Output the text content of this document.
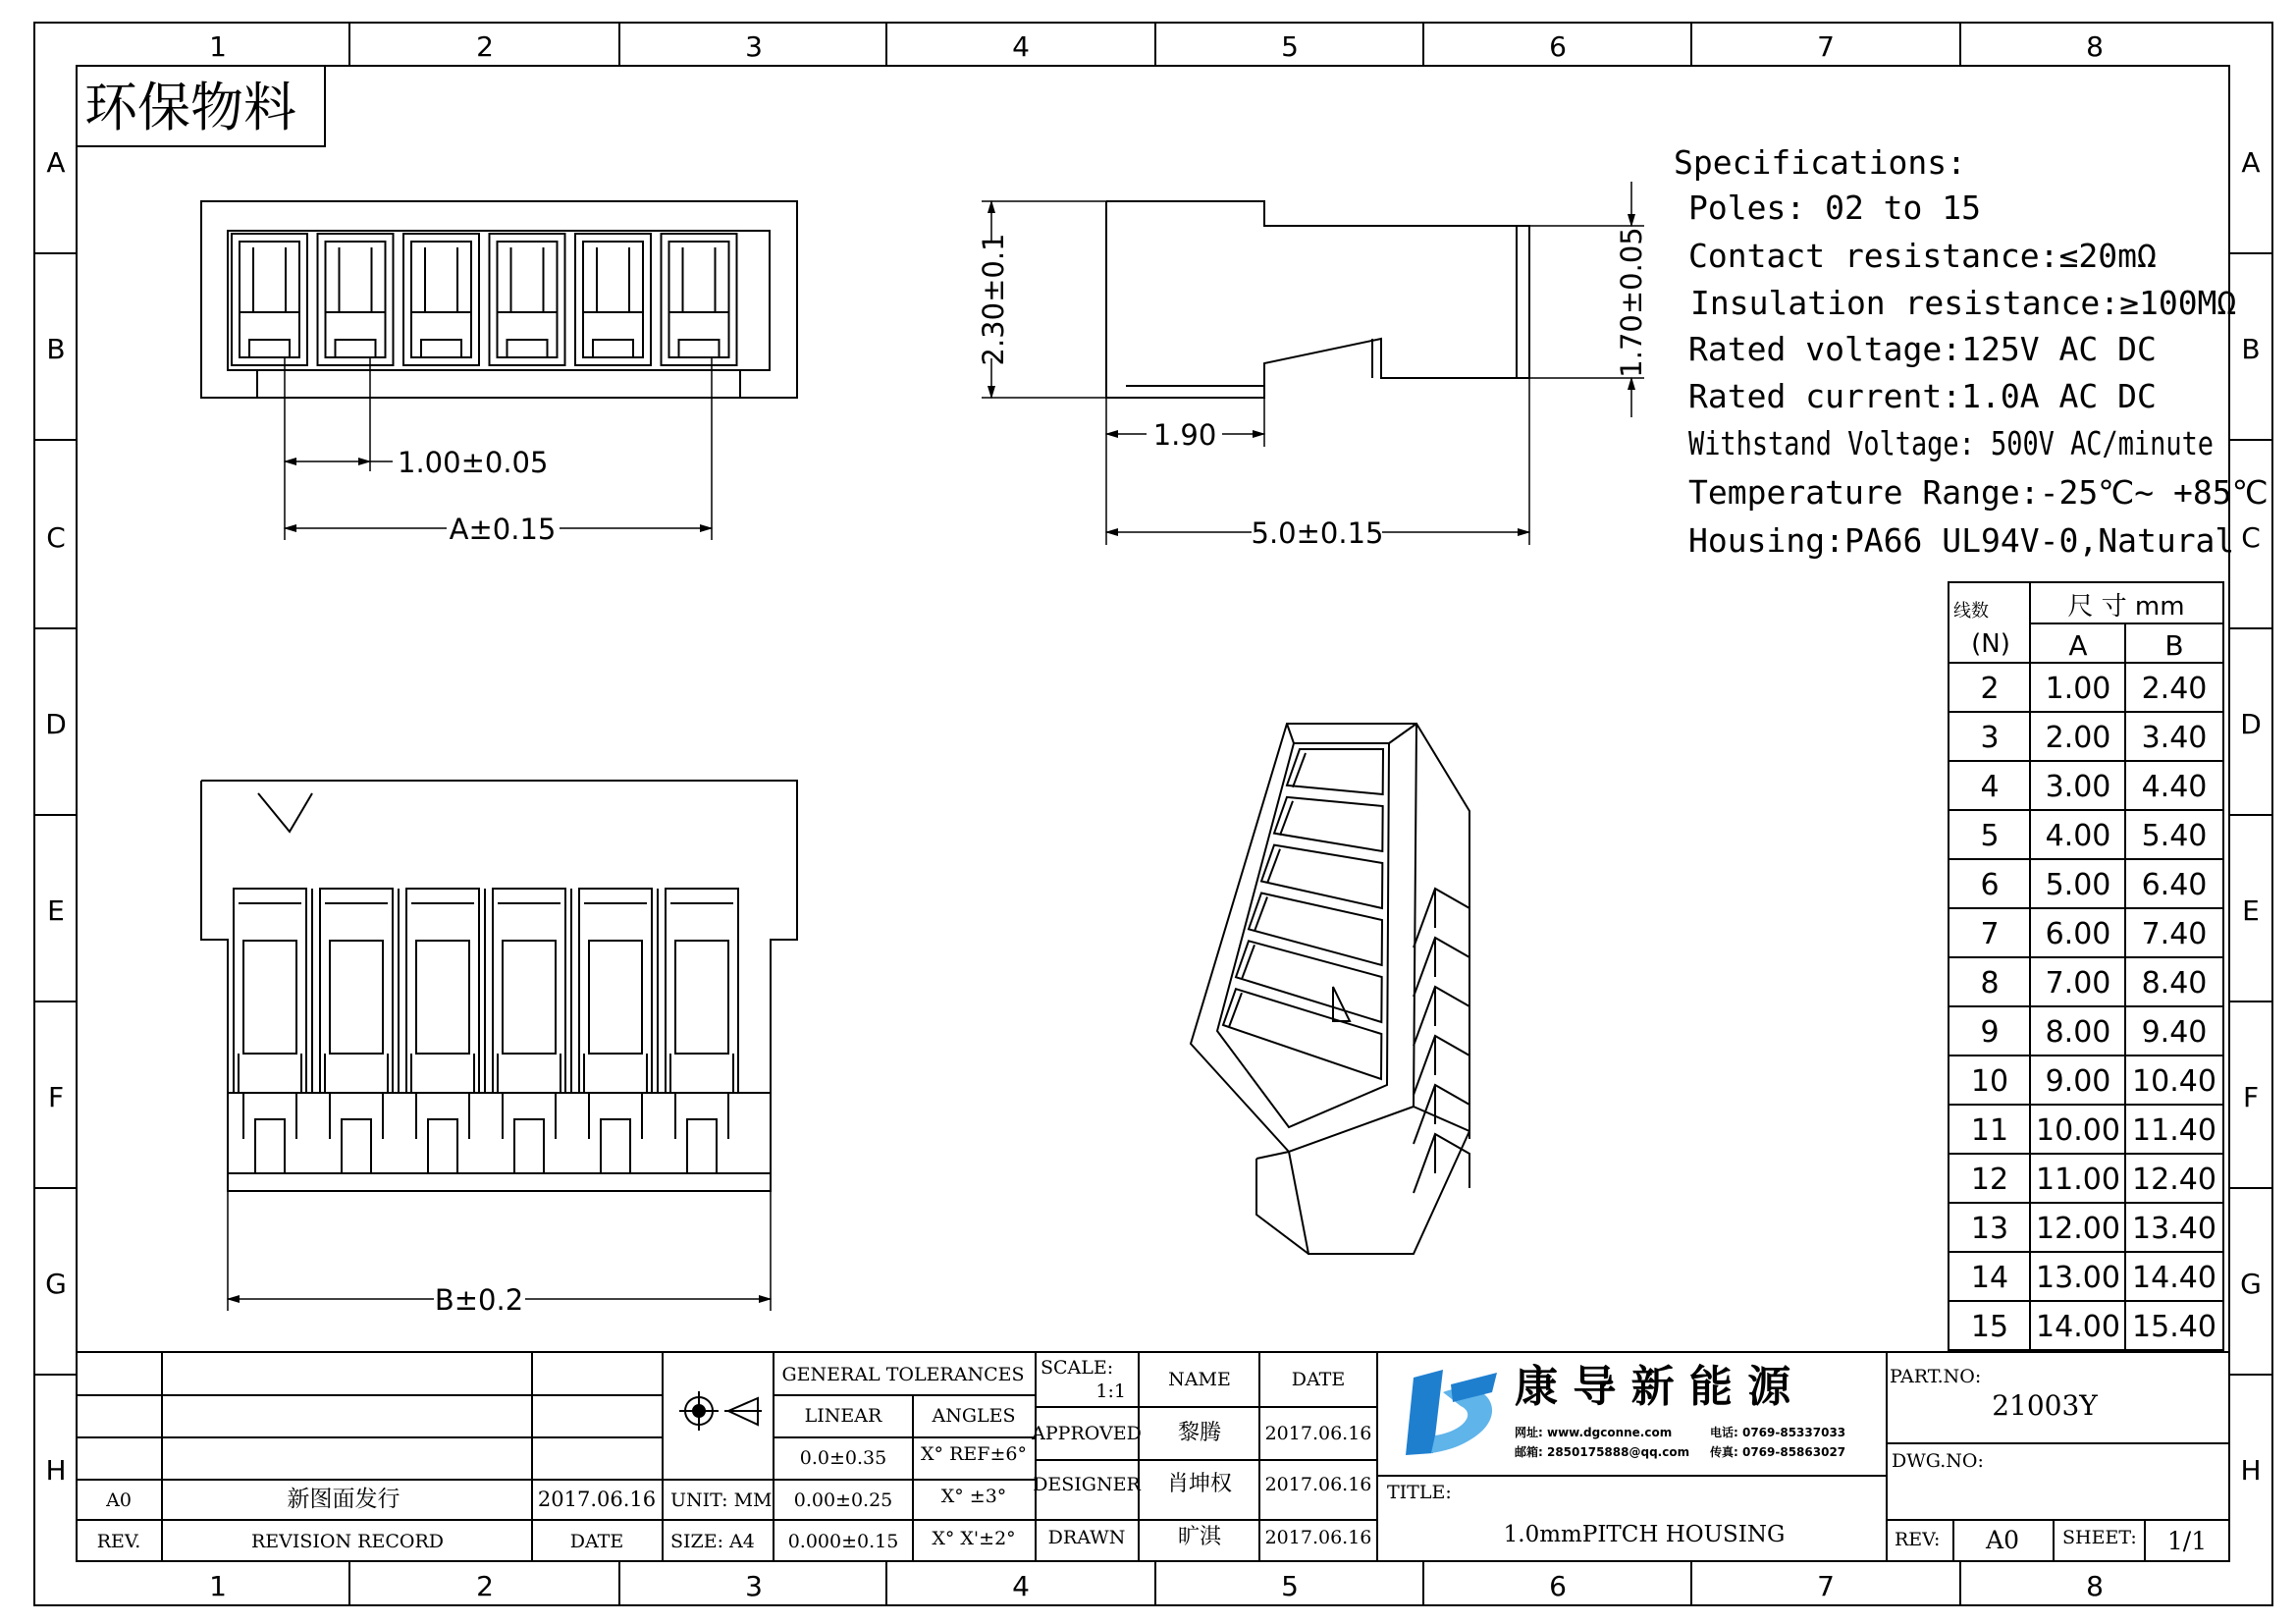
1	2	3	4	5	6	7	8
1	2	3	4	5	6	7	8
A
B
C
D
E
F
G
H
A
B
C
D
E
F
G
H
环保物料
1.00±0.05
A±0.15
2.30±0.1	1.70±0.05
1.90
5.0±0.15
Specifications:
Poles: 02 to 15
Contact resistance:≤20mΩ
Insulation resistance:≥100MΩ
Rated voltage:125V AC DC
Rated current:1.0A AC DC
Withstand Voltage: 500V AC/minute
Temperature Range:-25℃~ +85℃
Housing:PA66 UL94V-0,Natural
线数
(N)
尺 寸 mm
A	B
2 1.00 2.40
3 2.00 3.40
4 3.00 4.40
5 4.00 5.40
6 5.00 6.40
7 6.00 7.40
8 7.00 8.40
9 8.00 9.40
10 9.00 10.40
11 10.00 11.40
12 11.00 12.40
13 12.00 13.40
14 13.00 14.40
15 14.00 15.40
B±0.2
A0	新图面发行	2017.06.16
REV.	REVISION RECORD	DATE
UNIT: MM
SIZE: A4
GENERAL TOLERANCES
LINEAR	ANGLES
0.0±0.35 X° REF±6°
0.00±0.25	X° ±3°
0.000±0.15 X° X'±2°
SCALE:
1:1
NAME	DATE
APPROVED 黎腾 2017.06.16
DESIGNER 肖坤权 2017.06.16
DRAWN 旷淇 2017.06.16
TITLE:
1.0mmPITCH HOUSING
PART.NO:
21003Y
DWG.NO:
REV: A0 SHEET: 1/1
康 导 新 能 源
网址: www.dgconne.com	电话: 0769-85337033
邮箱: 2850175888@qq.com 传真: 0769-85863027
